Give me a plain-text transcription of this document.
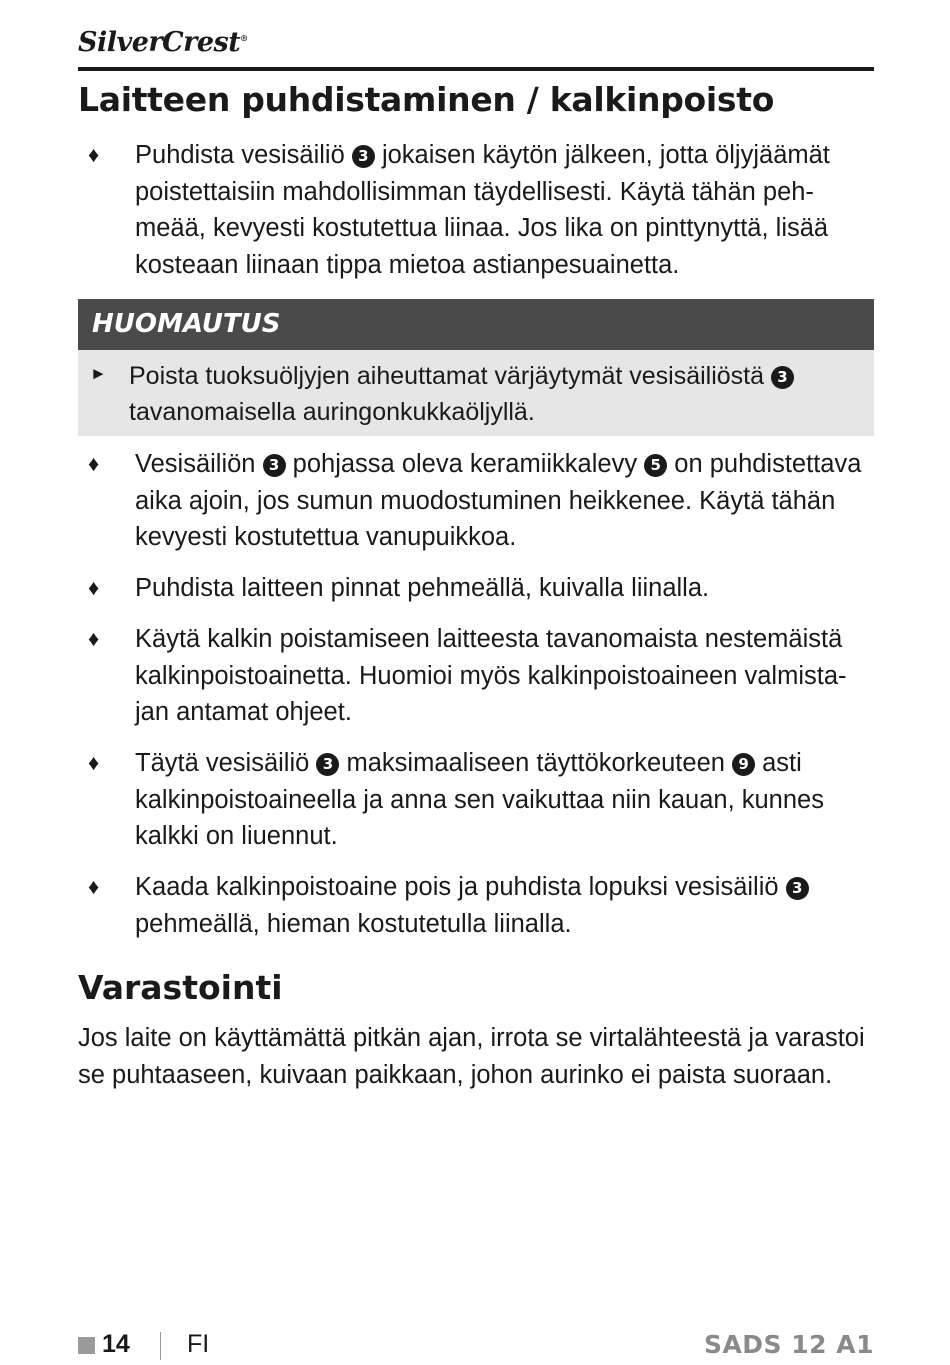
SilverCrest®
Laitteen puhdistaminen / kalkinpoisto
♦ Puhdista vesisäiliö 3 jokaisen käytön jälkeen, jotta öljyjäämät poistettaisiin mahdollisimman täydellisesti. Käytä tähän peh-meää, kevyesti kostutettua liinaa. Jos lika on pinttynyttä, lisää kosteaan liinaan tippa mietoa astianpesuainetta.
HUOMAUTUS
► Poista tuoksuöljyjen aiheuttamat värjäytymät vesisäiliöstä 3 tavanomaisella auringonkukkaöljyllä.
♦ Vesisäiliön 3 pohjassa oleva keramiikkalevy 5 on puhdistettava aika ajoin, jos sumun muodostuminen heikkenee. Käytä tähän kevyesti kostutettua vanupuikkoa.
♦ Puhdista laitteen pinnat pehmeällä, kuivalla liinalla.
♦ Käytä kalkin poistamiseen laitteesta tavanomaista nestemäistä kalkinpoistoainetta. Huomioi myös kalkinpoistoaineen valmista-jan antamat ohjeet.
♦ Täytä vesisäiliö 3 maksimaaliseen täyttökorkeuteen 9 asti kalkinpoistoaineella ja anna sen vaikuttaa niin kauan, kunnes kalkki on liuennut.
♦ Kaada kalkinpoistoaine pois ja puhdista lopuksi vesisäiliö 3 pehmeällä, hieman kostutetulla liinalla.
Varastointi
Jos laite on käyttämättä pitkän ajan, irrota se virtalähteestä ja varastoi se puhtaaseen, kuivaan paikkaan, johon aurinko ei paista suoraan.
14 FI	SADS 12 A1
